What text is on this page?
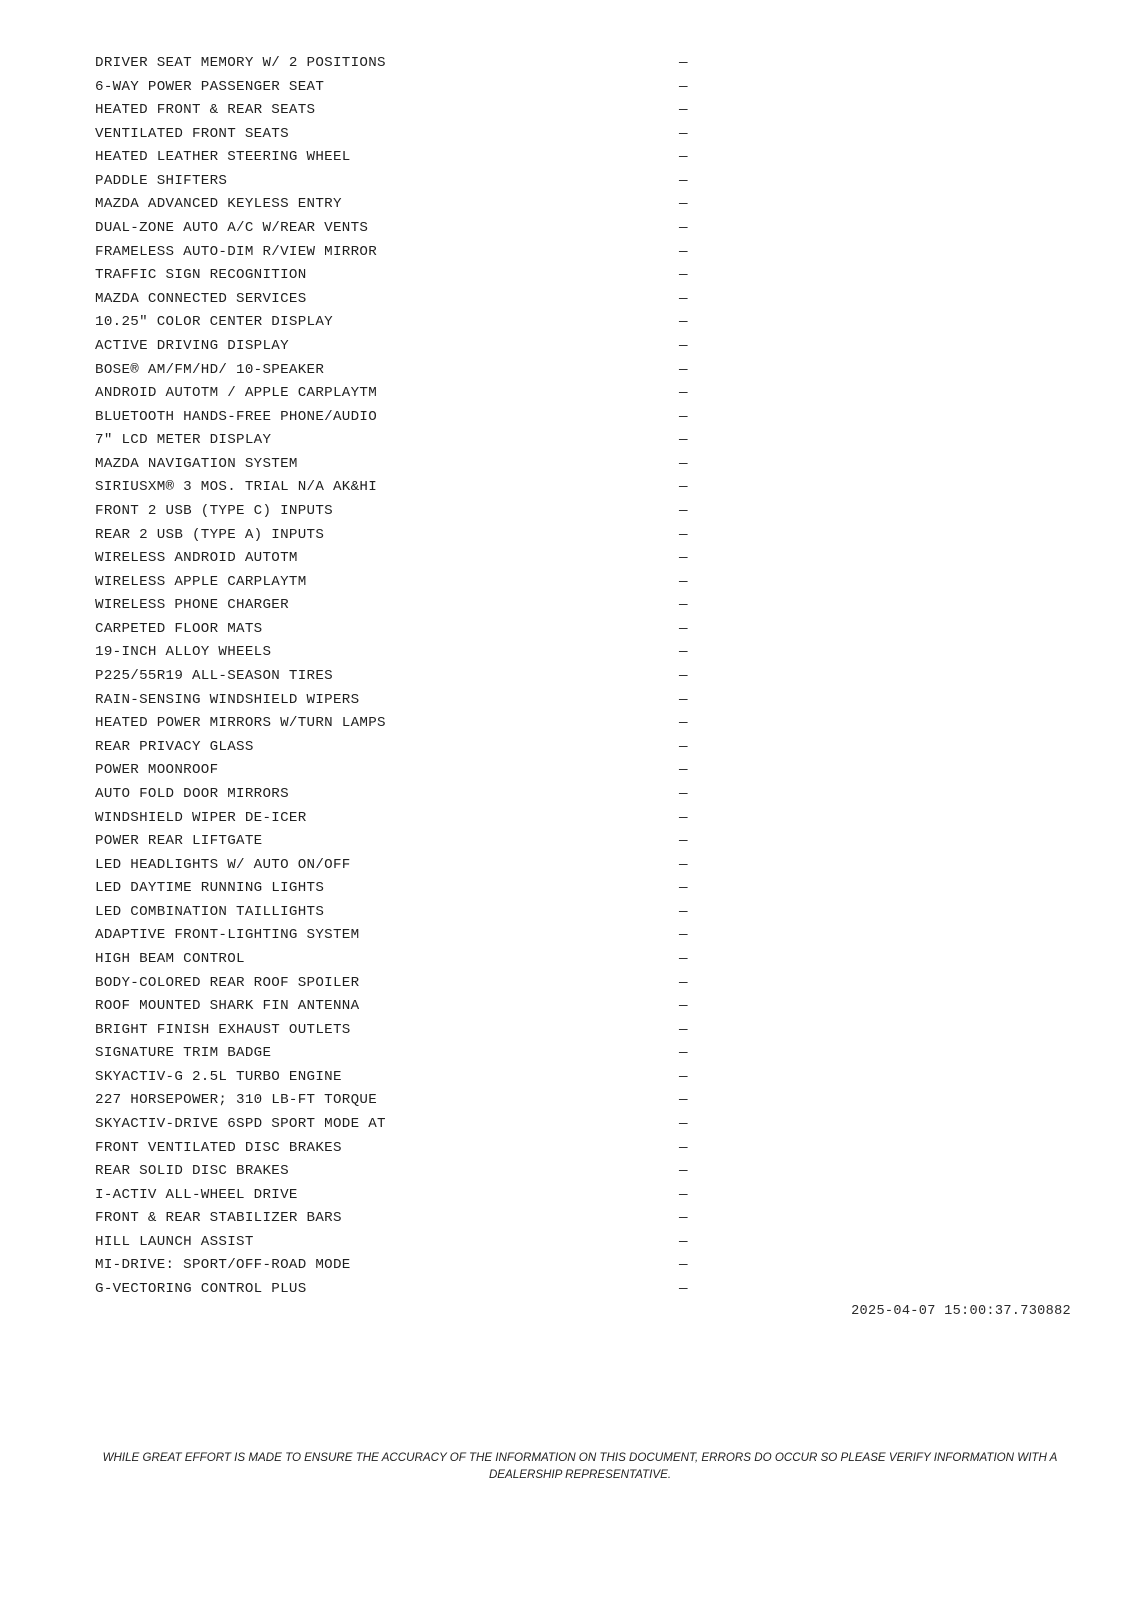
DRIVER SEAT MEMORY W/ 2 POSITIONS	—
6-WAY POWER PASSENGER SEAT	—
HEATED FRONT & REAR SEATS	—
VENTILATED FRONT SEATS	—
HEATED LEATHER STEERING WHEEL	—
PADDLE SHIFTERS	—
MAZDA ADVANCED KEYLESS ENTRY	—
DUAL-ZONE AUTO A/C W/REAR VENTS	—
FRAMELESS AUTO-DIM R/VIEW MIRROR	—
TRAFFIC SIGN RECOGNITION	—
MAZDA CONNECTED SERVICES	—
10.25" COLOR CENTER DISPLAY	—
ACTIVE DRIVING DISPLAY	—
BOSE® AM/FM/HD/ 10-SPEAKER	—
ANDROID AUTOTM / APPLE CARPLAYTM	—
BLUETOOTH HANDS-FREE PHONE/AUDIO	—
7" LCD METER DISPLAY	—
MAZDA NAVIGATION SYSTEM	—
SIRIUSXM® 3 MOS. TRIAL N/A AK&HI	—
FRONT 2 USB (TYPE C) INPUTS	—
REAR 2 USB (TYPE A) INPUTS	—
WIRELESS ANDROID AUTOTM	—
WIRELESS APPLE CARPLAYTM	—
WIRELESS PHONE CHARGER	—
CARPETED FLOOR MATS	—
19-INCH ALLOY WHEELS	—
P225/55R19 ALL-SEASON TIRES	—
RAIN-SENSING WINDSHIELD WIPERS	—
HEATED POWER MIRRORS W/TURN LAMPS	—
REAR PRIVACY GLASS	—
POWER MOONROOF	—
AUTO FOLD DOOR MIRRORS	—
WINDSHIELD WIPER DE-ICER	—
POWER REAR LIFTGATE	—
LED HEADLIGHTS W/ AUTO ON/OFF	—
LED DAYTIME RUNNING LIGHTS	—
LED COMBINATION TAILLIGHTS	—
ADAPTIVE FRONT-LIGHTING SYSTEM	—
HIGH BEAM CONTROL	—
BODY-COLORED REAR ROOF SPOILER	—
ROOF MOUNTED SHARK FIN ANTENNA	—
BRIGHT FINISH EXHAUST OUTLETS	—
SIGNATURE TRIM BADGE	—
SKYACTIV-G 2.5L TURBO ENGINE	—
227 HORSEPOWER; 310 LB-FT TORQUE	—
SKYACTIV-DRIVE 6SPD SPORT MODE AT	—
FRONT VENTILATED DISC BRAKES	—
REAR SOLID DISC BRAKES	—
I-ACTIV ALL-WHEEL DRIVE	—
FRONT & REAR STABILIZER BARS	—
HILL LAUNCH ASSIST	—
MI-DRIVE: SPORT/OFF-ROAD MODE	—
G-VECTORING CONTROL PLUS	—
2025-04-07 15:00:37.730882

WHILE GREAT EFFORT IS MADE TO ENSURE THE ACCURACY OF THE INFORMATION ON THIS DOCUMENT, ERRORS DO OCCUR SO PLEASE VERIFY INFORMATION WITH A DEALERSHIP REPRESENTATIVE.
